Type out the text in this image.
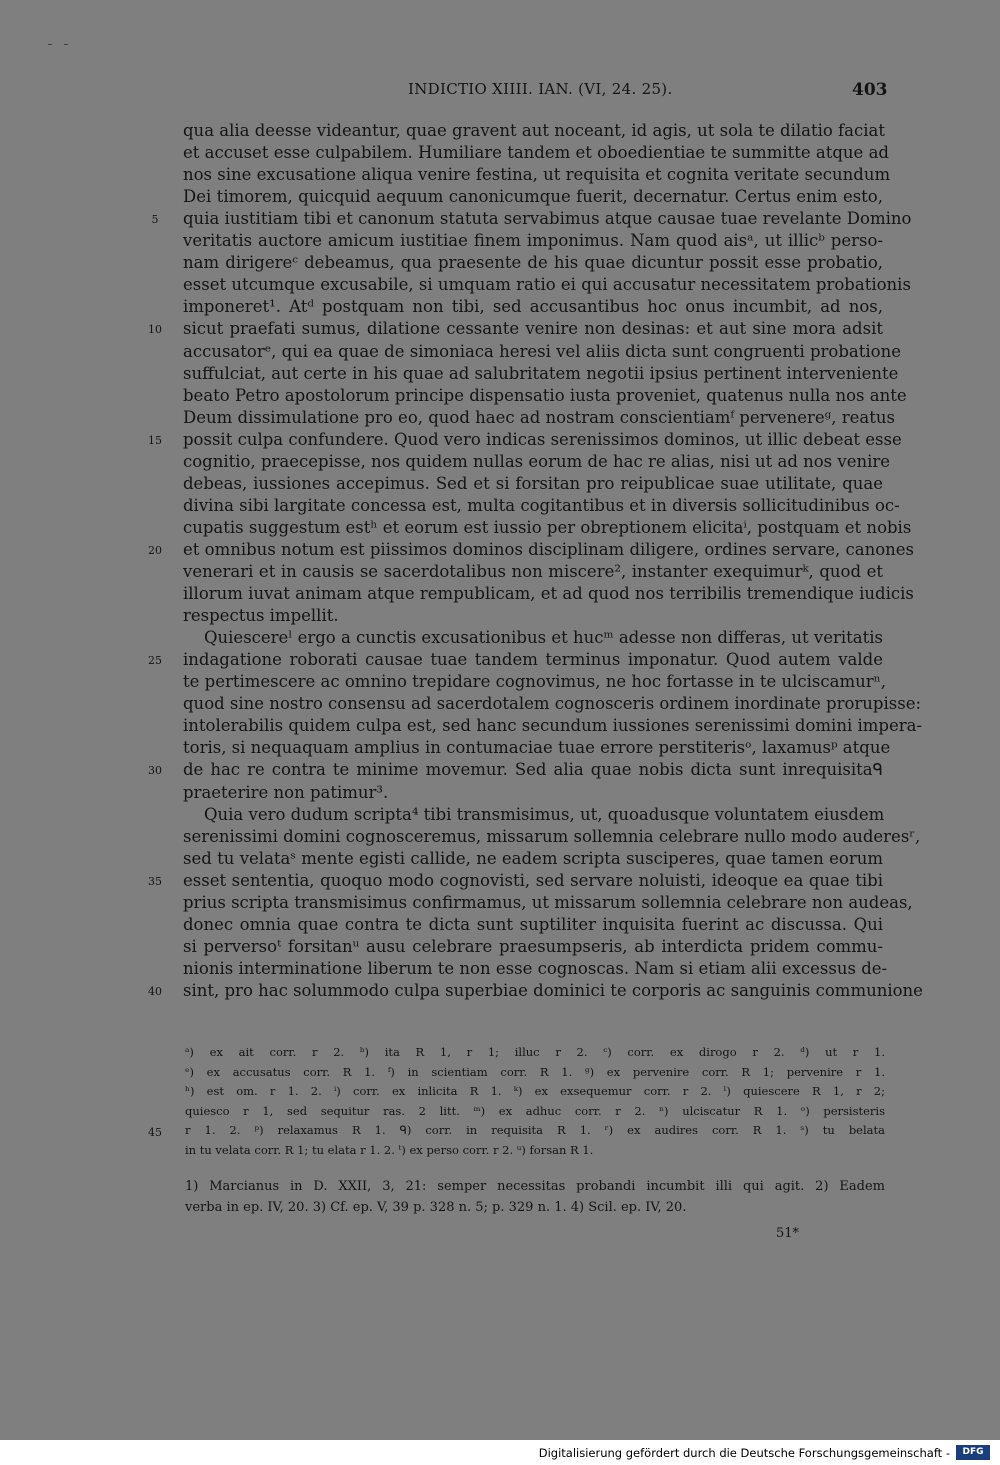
INDICTIO XIIII. IAN. (VI, 24. 25).	403
qua alia deesse videantur, quae gravent aut noceant, id agis, ut sola te dilatio faciat
et accuset esse culpabilem. Humiliare tandem et oboedientiae te summitte atque ad
nos sine excusatione aliqua venire festina, ut requisita et cognita veritate secundum
Dei timorem, quicquid aequum canonicumque fuerit, decernatur. Certus enim esto,
quia iustitiam tibi et canonum statuta servabimus atque causae tuae revelante Domino
5
veritatis auctore amicum iustitiae finem imponimus. Nam quod aisᵃ, ut illicᵇ perso-
nam dirigereᶜ debeamus, qua praesente de his quae dicuntur possit esse probatio,
esset utcumque excusabile, si umquam ratio ei qui accusatur necessitatem probationis
imponeret¹. Atᵈ postquam non tibi, sed accusantibus hoc onus incumbit, ad nos,
sicut praefati sumus, dilatione cessante venire non desinas: et aut sine mora adsit
10
accusatorᵉ, qui ea quae de simoniaca heresi vel aliis dicta sunt congruenti probatione
suffulciat, aut certe in his quae ad salubritatem negotii ipsius pertinent interveniente
beato Petro apostolorum principe dispensatio iusta proveniet, quatenus nulla nos ante
Deum dissimulatione pro eo, quod haec ad nostram conscientiamᶠ pervenereᵍ, reatus
possit culpa confundere. Quod vero indicas serenissimos dominos, ut illic debeat esse
15
cognitio, praecepisse, nos quidem nullas eorum de hac re alias, nisi ut ad nos venire
debeas, iussiones accepimus. Sed et si forsitan pro reipublicae suae utilitate, quae
divina sibi largitate concessa est, multa cogitantibus et in diversis sollicitudinibus oc-
cupatis suggestum estʰ et eorum est iussio per obreptionem elicitaⁱ, postquam et nobis
et omnibus notum est piissimos dominos disciplinam diligere, ordines servare, canones
20
venerari et in causis se sacerdotalibus non miscere², instanter exequimurᵏ, quod et
illorum iuvat animam atque rempublicam, et ad quod nos terribilis tremendique iudicis
respectus impellit.
Quiescereˡ ergo a cunctis excusationibus et hucᵐ adesse non differas, ut veritatis
indagatione roborati causae tuae tandem terminus imponatur. Quod autem valde
25
te pertimescere ac omnino trepidare cognovimus, ne hoc fortasse in te ulciscamurⁿ,
quod sine nostro consensu ad sacerdotalem cognosceris ordinem inordinate prorupisse:
intolerabilis quidem culpa est, sed hanc secundum iussiones serenissimi domini impera-
toris, si nequaquam amplius in contumaciae tuae errore perstiterisᵒ, laxamusᵖ atque
de hac re contra te minime movemur. Sed alia quae nobis dicta sunt inrequisitaᑫ
30
praeterire non patimur³.
Quia vero dudum scripta⁴ tibi transmisimus, ut, quoadusque voluntatem eiusdem
serenissimi domini cognosceremus, missarum sollemnia celebrare nullo modo auderesʳ,
sed tu velataˢ mente egisti callide, ne eadem scripta susciperes, quae tamen eorum
esset sententia, quoquo modo cognovisti, sed servare noluisti, ideoque ea quae tibi
35
prius scripta transmisimus confirmamus, ut missarum sollemnia celebrare non audeas,
donec omnia quae contra te dicta sunt suptiliter inquisita fuerint ac discussa. Qui
si perversoᵗ forsitanᵘ ausu celebrare praesumpseris, ab interdicta pridem commu-
nionis interminatione liberum te non esse cognoscas. Nam si etiam alii excessus de-
sint, pro hac solummodo culpa superbiae dominici te corporis ac sanguinis communione
40
ᵃ) ex ait corr. r 2. ᵇ) ita R 1, r 1; illuc r 2. ᶜ) corr. ex dirogo r 2. ᵈ) ut r 1.
ᵉ) ex accusatus corr. R 1. ᶠ) in scientiam corr. R 1. ᵍ) ex pervenire corr. R 1; pervenire r 1.
ʰ) est om. r 1. 2. ⁱ) corr. ex inlicita R 1. ᵏ) ex exsequemur corr. r 2. ˡ) quiescere R 1, r 2;
quiesco r 1, sed sequitur ras. 2 litt. ᵐ) ex adhuc corr. r 2. ⁿ) ulciscatur R 1. ᵒ) persisteris
r 1. 2. ᵖ) relaxamus R 1. ᑫ) corr. in requisita R 1. ʳ) ex audires corr. R 1. ˢ) tu belata
45
in tu velata corr. R 1; tu elata r 1. 2. ᵗ) ex perso corr. r 2. ᵘ) forsan R 1.
1) Marcianus in D. XXII, 3, 21: semper necessitas probandi incumbit illi qui agit. 2) Eadem
verba in ep. IV, 20. 3) Cf. ep. V, 39 p. 328 n. 5; p. 329 n. 1. 4) Scil. ep. IV, 20.
51*
Digitalisierung gefördert durch die Deutsche Forschungsgemeinschaft -	DFG
